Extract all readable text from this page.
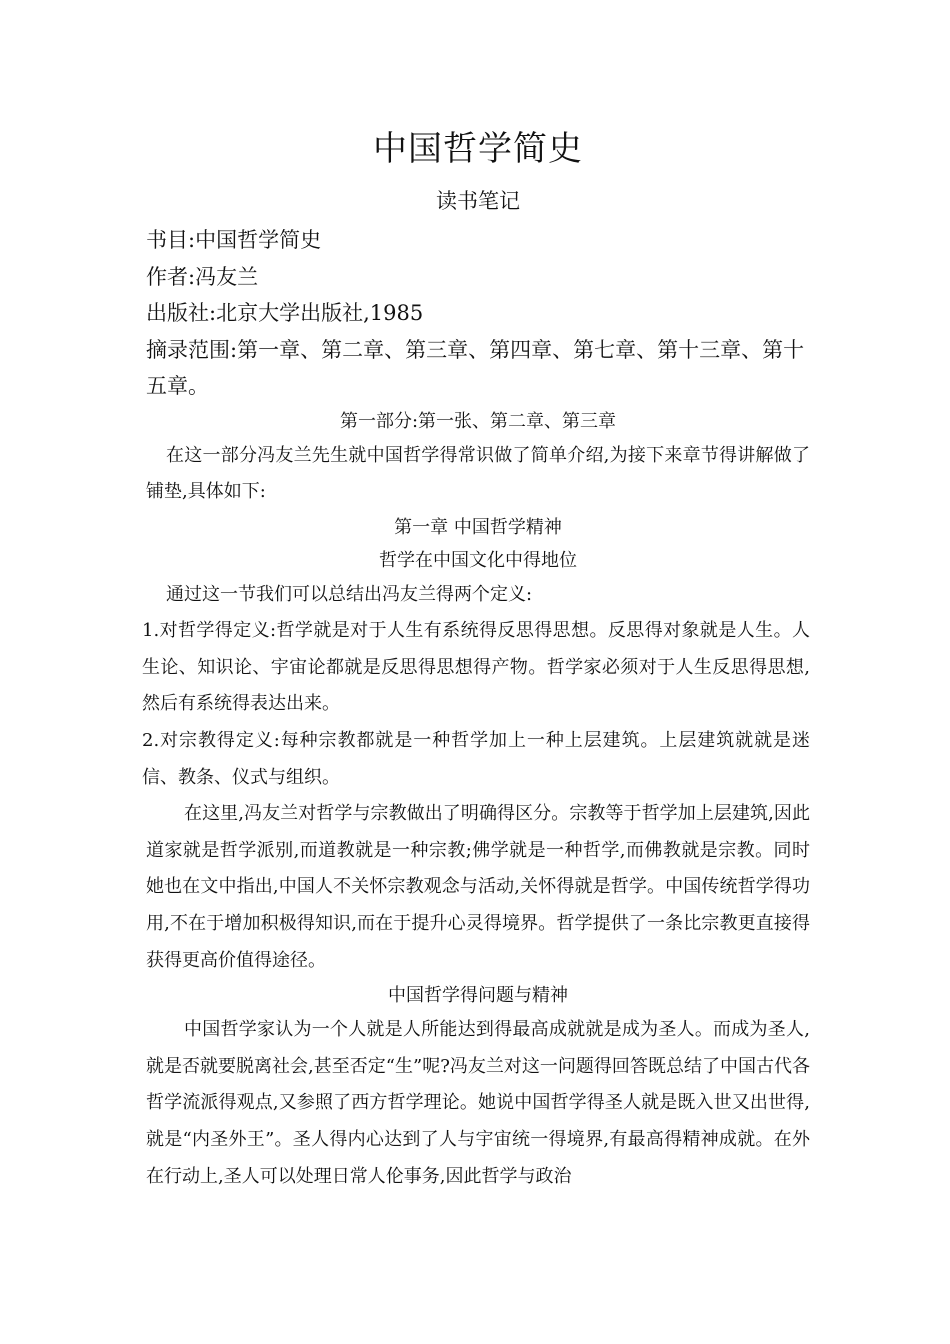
中国哲学简史
读书笔记

书目:中国哲学简史

作者:冯友兰

出版社:北京大学出版社,1985

摘录范围:第一章、第二章、第三章、第四章、第七章、第十三章、第十五章。

第一部分:第一张、第二章、第三章

在这一部分冯友兰先生就中国哲学得常识做了简单介绍,为接下来章节得讲解做了铺垫,具体如下:

第一章 中国哲学精神

哲学在中国文化中得地位

通过这一节我们可以总结出冯友兰得两个定义:

1.对哲学得定义:哲学就是对于人生有系统得反思得思想。反思得对象就是人生。人生论、知识论、宇宙论都就是反思得思想得产物。哲学家必须对于人生反思得思想,然后有系统得表达出来。

2.对宗教得定义:每种宗教都就是一种哲学加上一种上层建筑。上层建筑就就是迷信、教条、仪式与组织。

在这里,冯友兰对哲学与宗教做出了明确得区分。宗教等于哲学加上层建筑,因此道家就是哲学派别,而道教就是一种宗教;佛学就是一种哲学,而佛教就是宗教。同时她也在文中指出,中国人不关怀宗教观念与活动,关怀得就是哲学。中国传统哲学得功用,不在于增加积极得知识,而在于提升心灵得境界。哲学提供了一条比宗教更直接得获得更高价值得途径。

中国哲学得问题与精神

中国哲学家认为一个人就是人所能达到得最高成就就是成为圣人。而成为圣人,就是否就要脱离社会,甚至否定“生”呢?冯友兰对这一问题得回答既总结了中国古代各哲学流派得观点,又参照了西方哲学理论。她说中国哲学得圣人就是既入世又出世得,就是“内圣外王”。圣人得内心达到了人与宇宙统一得境界,有最高得精神成就。在外在行动上,圣人可以处理日常人伦事务,因此哲学与政治
